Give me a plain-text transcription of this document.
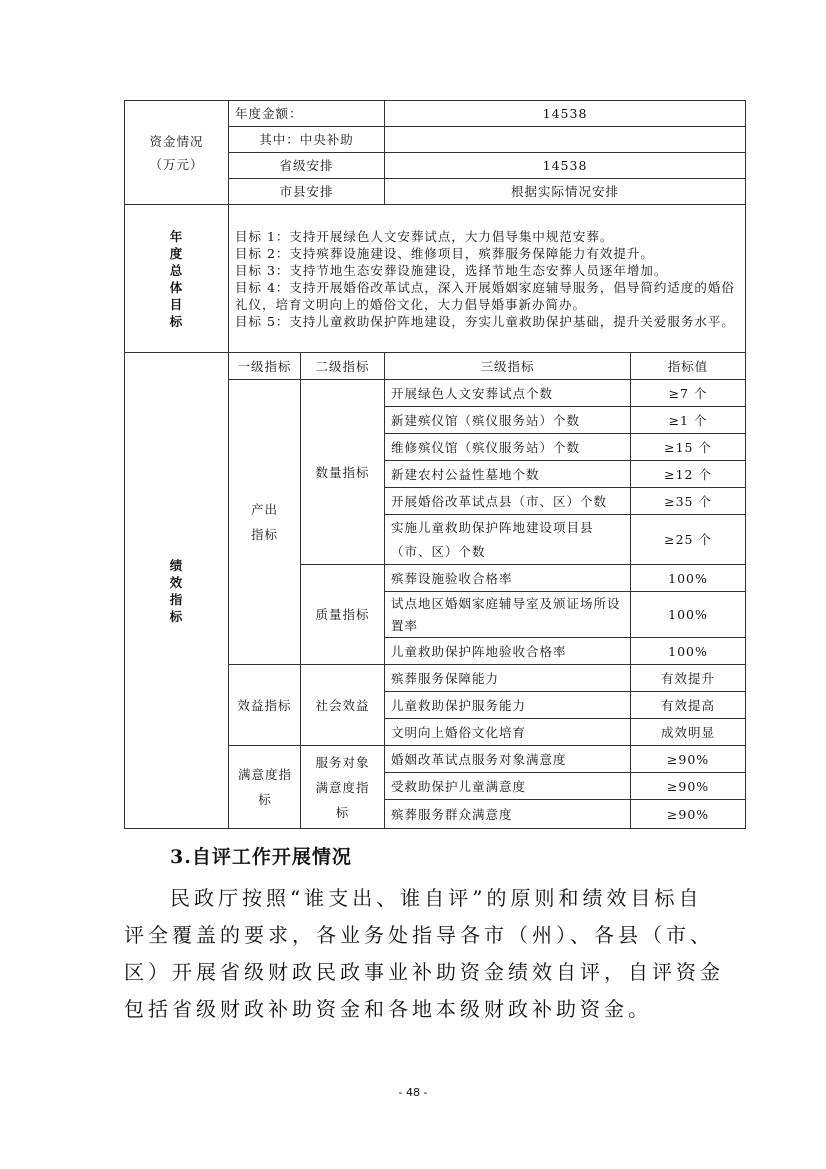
资金情况
（万元）	年度金额：		14538	
	其中：中央补助			
	省级安排		14538	
	市县安排		根据实际情况安排	

年度总体目标	目标 1：支持开展绿色人文安葬试点，大力倡导集中规范安葬。
目标 2：支持殡葬设施建设、维修项目，殡葬服务保障能力有效提升。
目标 3：支持节地生态安葬设施建设，选择节地生态安葬人员逐年增加。
目标 4：支持开展婚俗改革试点，深入开展婚姻家庭辅导服务，倡导简约适度的婚俗礼仪，培育文明向上的婚俗文化，大力倡导婚事新办简办。
目标 5：支持儿童救助保护阵地建设，夯实儿童救助保护基础，提升关爱服务水平。			

绩效指标	一级指标	二级指标	三级指标	指标值

	产出指标	数量指标	开展绿色人文安葬试点个数	≥7 个
			新建殡仪馆（殡仪服务站）个数	≥1 个
			维修殡仪馆（殡仪服务站）个数	≥15 个
			新建农村公益性墓地个数	≥12 个
			开展婚俗改革试点县（市、区）个数	≥35 个
			实施儿童救助保护阵地建设项目县（市、区）个数	≥25 个
		质量指标	殡葬设施验收合格率	100%
			试点地区婚姻家庭辅导室及颁证场所设置率	100%
			儿童救助保护阵地验收合格率	100%
	效益指标	社会效益	殡葬服务保障能力	有效提升
			儿童救助保护服务能力	有效提高
			文明向上婚俗文化培育	成效明显

	满意度指标	服务对象满意度指标	婚姻改革试点服务对象满意度	≥90%
			受救助保护儿童满意度	≥90%
			殡葬服务群众满意度	≥90%
3.自评工作开展情况

民政厅按照“谁支出、谁自评”的原则和绩效目标自评全覆盖的要求，各业务处指导各市（州）、各县（市、区）开展省级财政民政事业补助资金绩效自评，自评资金包括省级财政补助资金和各地本级财政补助资金。

- 48 -
